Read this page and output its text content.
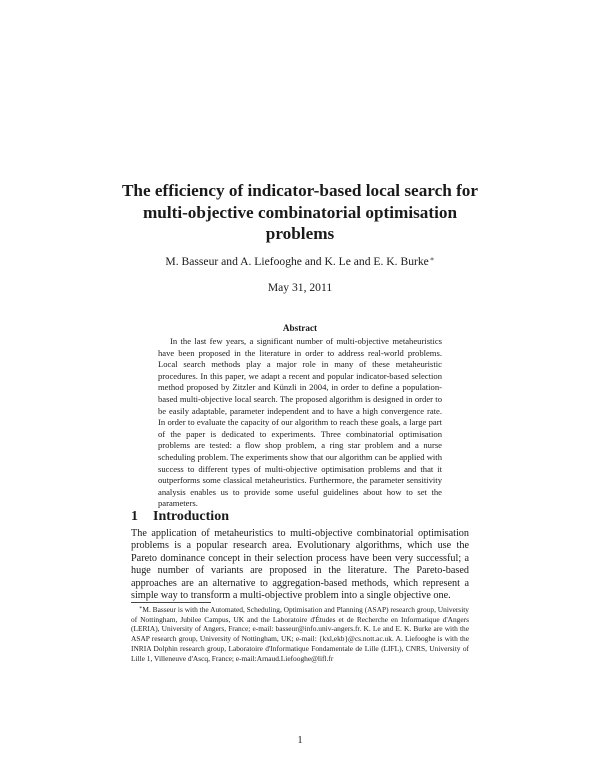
The efficiency of indicator-based local search for multi-objective combinatorial optimisation problems
M. Basseur and A. Liefooghe and K. Le and E. K. Burke∗
May 31, 2011
Abstract

In the last few years, a significant number of multi-objective metaheuristics have been proposed in the literature in order to address real-world problems. Local search methods play a major role in many of these metaheuristic procedures. In this paper, we adapt a recent and popular indicator-based selection method proposed by Zitzler and Künzli in 2004, in order to define a population-based multi-objective local search. The proposed algorithm is designed in order to be easily adaptable, parameter independent and to have a high convergence rate. In order to evaluate the capacity of our algorithm to reach these goals, a large part of the paper is dedicated to experiments. Three combinatorial optimisation problems are tested: a flow shop problem, a ring star problem and a nurse scheduling problem. The experiments show that our algorithm can be applied with success to different types of multi-objective optimisation problems and that it outperforms some classical metaheuristics. Furthermore, the parameter sensitivity analysis enables us to provide some useful guidelines about how to set the parameters.

1 Introduction

The application of metaheuristics to multi-objective combinatorial optimisation problems is a popular research area. Evolutionary algorithms, which use the Pareto dominance concept in their selection process have been very successful; a huge number of variants are proposed in the literature. The Pareto-based approaches are an alternative to aggregation-based methods, which represent a simple way to transform a multi-objective problem into a single objective one.

∗M. Basseur is with the Automated, Scheduling, Optimisation and Planning (ASAP) research group, University of Nottingham, Jubilee Campus, UK and the Laboratoire d'Études et de Recherche en Informatique d'Angers (LERIA), University of Angers, France; e-mail: basseur@info.univ-angers.fr. K. Le and E. K. Burke are with the ASAP research group, University of Nottingham, UK; e-mail: {kxl,ekb}@cs.nott.ac.uk. A. Liefooghe is with the INRIA Dolphin research group, Laboratoire d'Informatique Fondamentale de Lille (LIFL), CNRS, University of Lille 1, Villeneuve d'Ascq, France; e-mail:Arnaud.Liefooghe@lifl.fr

1
